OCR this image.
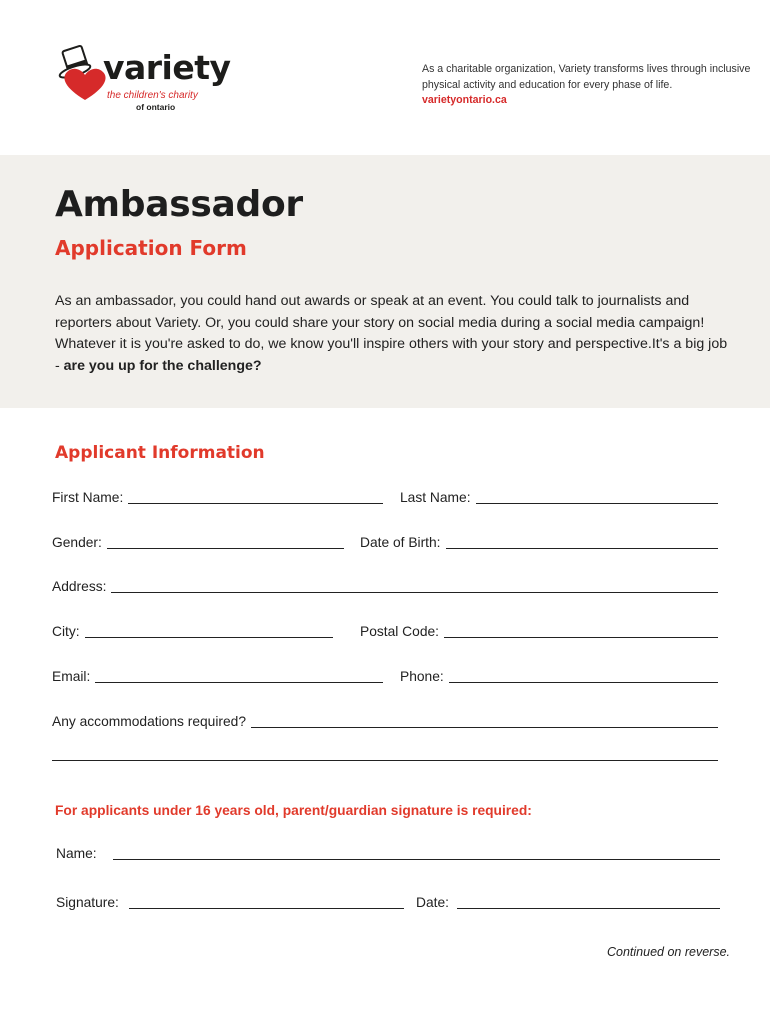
variety
the children's charity
of ontario
As a charitable organization, Variety transforms lives through inclusive physical activity and education for every phase of life.
varietyontario.ca
Ambassador
Application Form
As an ambassador, you could hand out awards or speak at an event. You could talk to journalists and reporters about Variety. Or, you could share your story on social media during a social media campaign! Whatever it is you're asked to do, we know you'll inspire others with your story and perspective.It's a big job - are you up for the challenge?
Applicant Information
First Name:	Last Name:
Gender:	Date of Birth:
Address:
City:	Postal Code:
Email:	Phone:
Any accommodations required?
For applicants under 16 years old, parent/guardian signature is required:
Name:
Signature:	Date:
Continued on reverse.
